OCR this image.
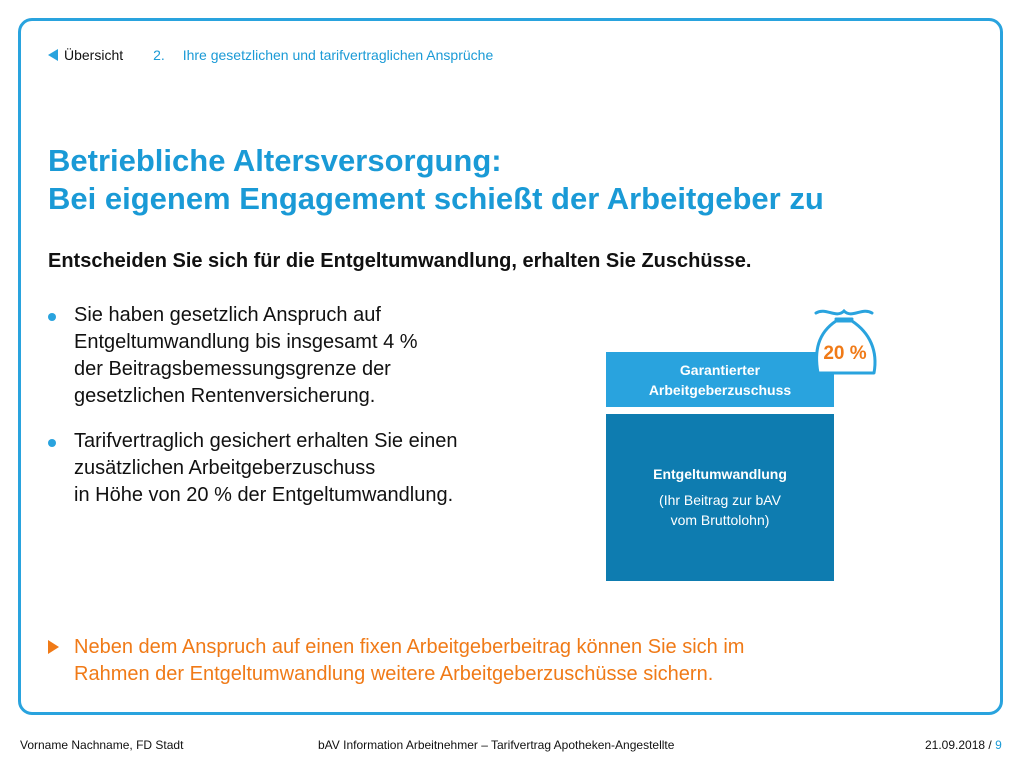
Übersicht 2. Ihre gesetzlichen und tarifvertraglichen Ansprüche
Betriebliche Altersversorgung:
Bei eigenem Engagement schießt der Arbeitgeber zu
Entscheiden Sie sich für die Entgeltumwandlung, erhalten Sie Zuschüsse.

Sie haben gesetzlich Anspruch auf
Entgeltumwandlung bis insgesamt 4 %
der Beitragsbemessungsgrenze der
gesetzlichen Rentenversicherung.

Tarifvertraglich gesichert erhalten Sie einen
zusätzlichen Arbeitgeberzuschuss
in Höhe von 20 % der Entgeltumwandlung.

Garantierter
Arbeitgeberzuschuss
Entgeltumwandlung
(Ihr Beitrag zur bAV
vom Bruttolohn)
20 %

Neben dem Anspruch auf einen fixen Arbeitgeberbeitrag können Sie sich im
Rahmen der Entgeltumwandlung weitere Arbeitgeberzuschüsse sichern.

Vorname Nachname, FD Stadt	bAV Information Arbeitnehmer – Tarifvertrag Apotheken-Angestellte	21.09.2018 / 9
